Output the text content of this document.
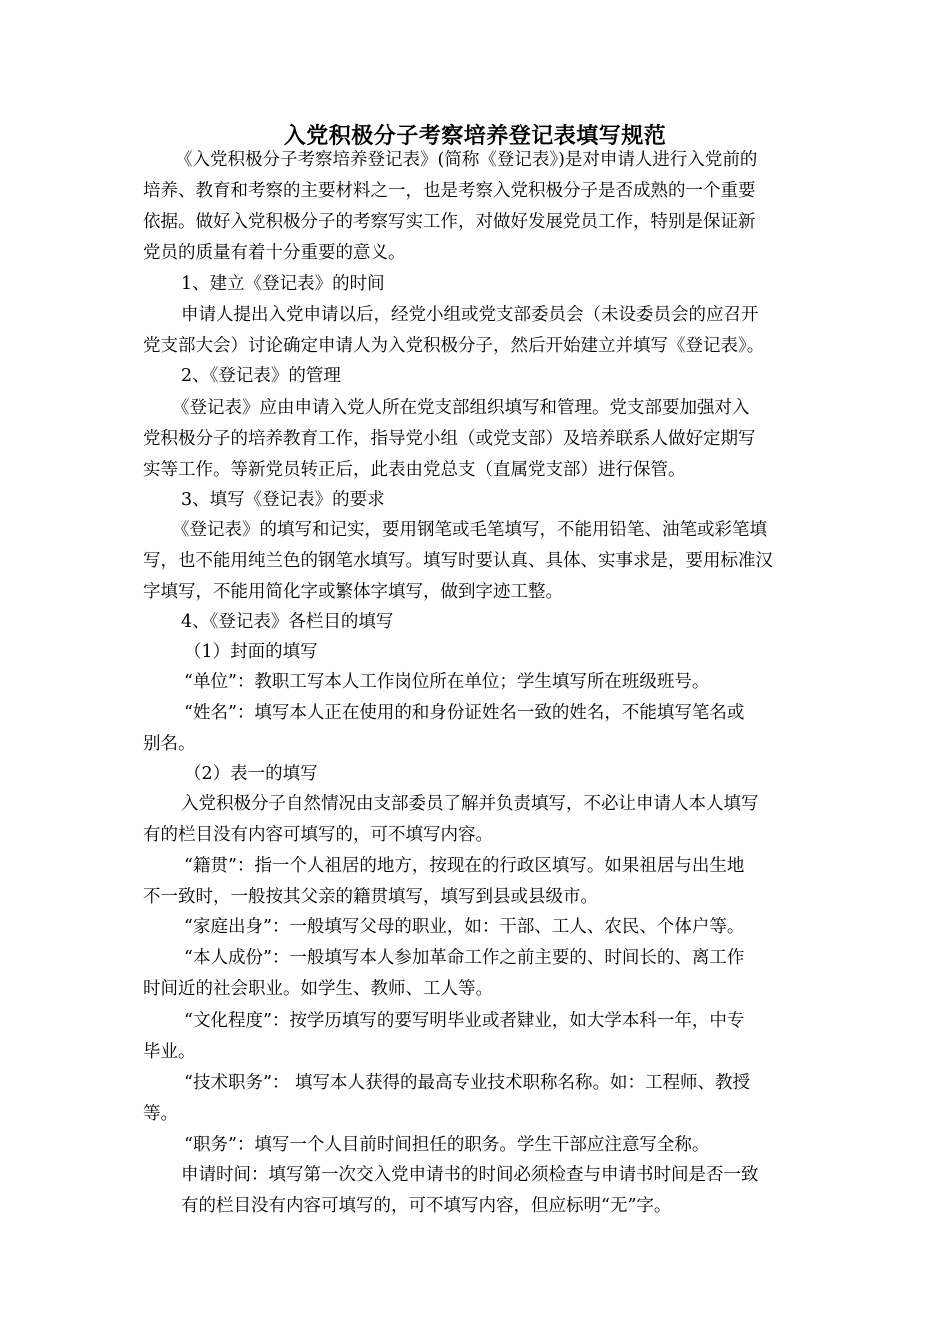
入党积极分子考察培养登记表填写规范
《入党积极分子考察培养登记表》(简称《登记表》)是对申请人进行入党前的
培养、教育和考察的主要材料之一，也是考察入党积极分子是否成熟的一个重要
依据。做好入党积极分子的考察写实工作，对做好发展党员工作，特别是保证新
党员的质量有着十分重要的意义。
1、建立《登记表》的时间
申请人提出入党申请以后，经党小组或党支部委员会（未设委员会的应召开
党支部大会）讨论确定申请人为入党积极分子，然后开始建立并填写《登记表》。
2、《登记表》的管理
《登记表》应由申请入党人所在党支部组织填写和管理。党支部要加强对入
党积极分子的培养教育工作，指导党小组（或党支部）及培养联系人做好定期写
实等工作。等新党员转正后，此表由党总支（直属党支部）进行保管。
3、填写《登记表》的要求
《登记表》的填写和记实，要用钢笔或毛笔填写，不能用铅笔、油笔或彩笔填
写，也不能用纯兰色的钢笔水填写。填写时要认真、具体、实事求是，要用标准汉
字填写，不能用简化字或繁体字填写，做到字迹工整。
4、《登记表》各栏目的填写
（1）封面的填写
“单位”：教职工写本人工作岗位所在单位；学生填写所在班级班号。
“姓名”：填写本人正在使用的和身份证姓名一致的姓名，不能填写笔名或
别名。
（2）表一的填写
入党积极分子自然情况由支部委员了解并负责填写，不必让申请人本人填写
有的栏目没有内容可填写的，可不填写内容。
“籍贯”：指一个人祖居的地方，按现在的行政区填写。如果祖居与出生地
不一致时，一般按其父亲的籍贯填写，填写到县或县级市。
“家庭出身”：一般填写父母的职业，如：干部、工人、农民、个体户等。
“本人成份”：一般填写本人参加革命工作之前主要的、时间长的、离工作
时间近的社会职业。如学生、教师、工人等。
“文化程度”：按学历填写的要写明毕业或者肄业，如大学本科一年，中专
毕业。
“技术职务”： 填写本人获得的最高专业技术职称名称。如：工程师、教授
等。
“职务”：填写一个人目前时间担任的职务。学生干部应注意写全称。
申请时间：填写第一次交入党申请书的时间必须检查与申请书时间是否一致
有的栏目没有内容可填写的，可不填写内容，但应标明“无”字。
